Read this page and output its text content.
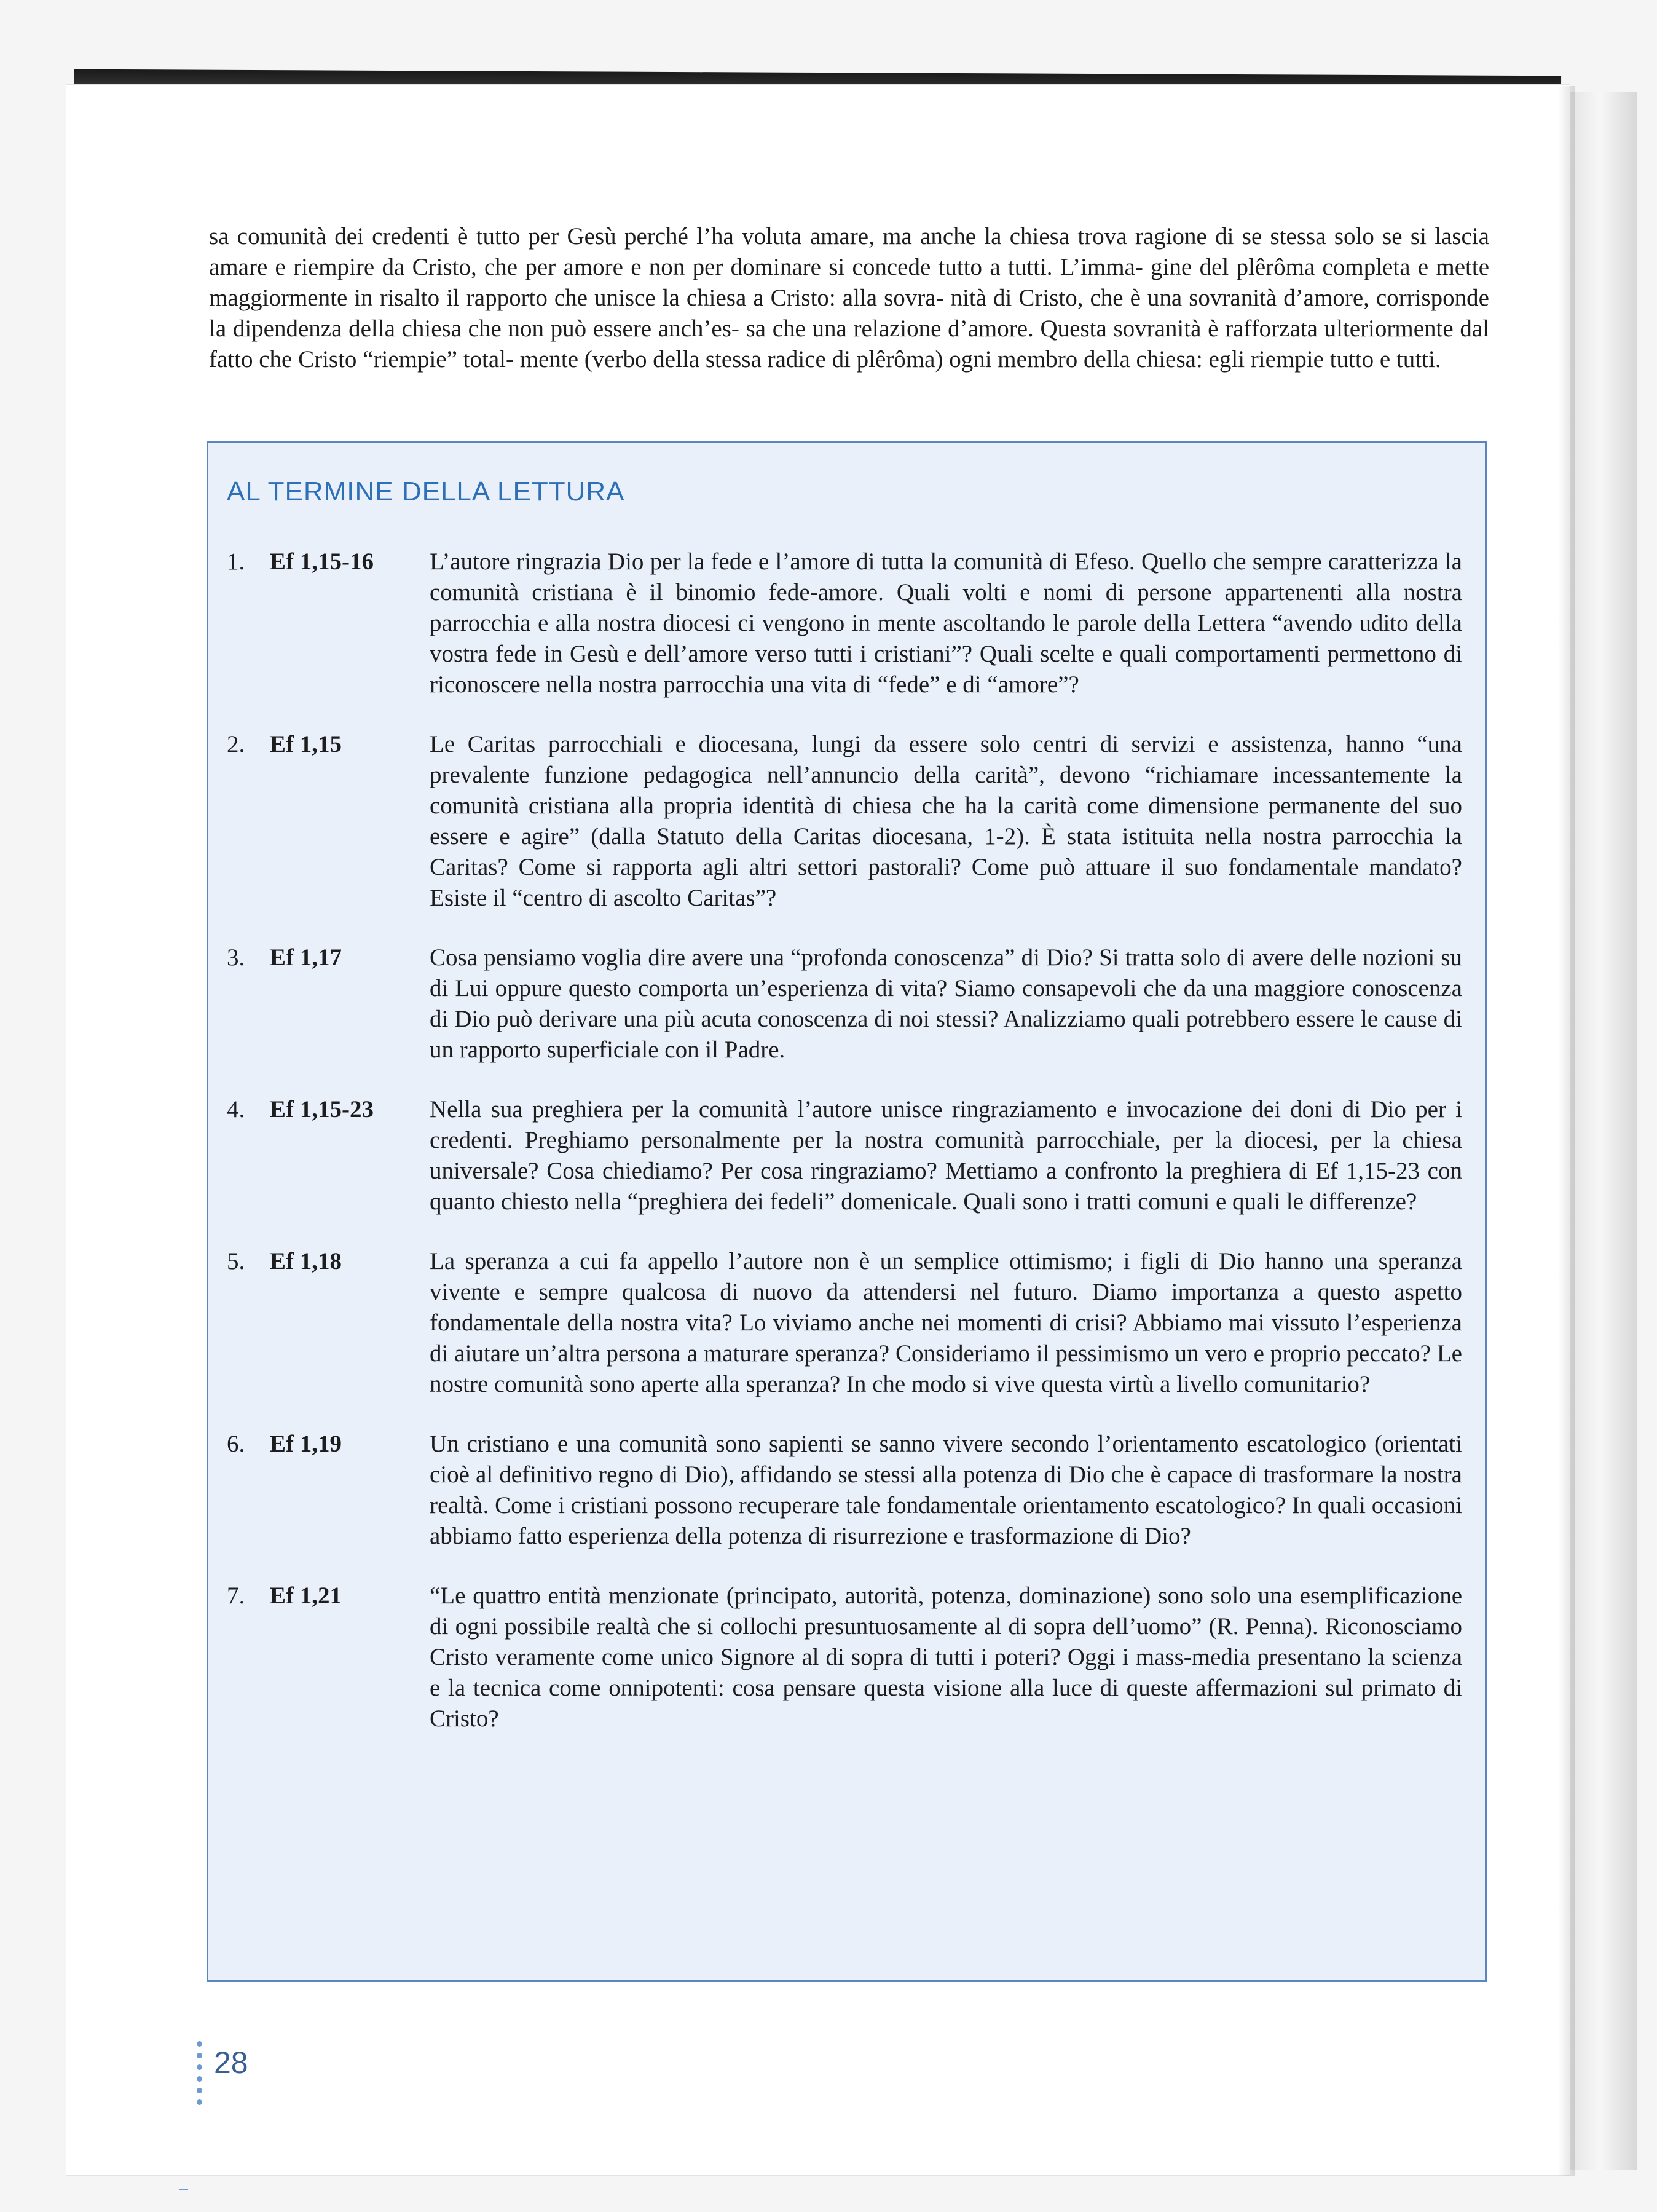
sa comunità dei credenti è tutto per Gesù perché l’ha voluta amare, ma anche la chiesa trova ragione di se stessa solo se si lascia amare e riempire da Cristo, che per amore e non per dominare si concede tutto a tutti. L’imma- gine del plêrôma completa e mette maggiormente in risalto il rapporto che unisce la chiesa a Cristo: alla sovra- nità di Cristo, che è una sovranità d’amore, corrisponde la dipendenza della chiesa che non può essere anch’es- sa che una relazione d’amore. Questa sovranità è rafforzata ulteriormente dal fatto che Cristo “riempie” total- mente (verbo della stessa radice di plêrôma) ogni membro della chiesa: egli riempie tutto e tutti.

AL TERMINE DELLA LETTURA
1.	Ef 1,15-16	L’autore ringrazia Dio per la fede e l’amore di tutta la comunità di Efeso. Quello che sempre caratterizza la comunità cristiana è il binomio fede-amore. Quali volti e nomi di persone appartenenti alla nostra parrocchia e alla nostra diocesi ci vengono in mente ascoltando le parole della Lettera “avendo udito della vostra fede in Gesù e dell’amore verso tutti i cristiani”? Quali scelte e quali comportamenti permettono di riconoscere nella nostra parrocchia una vita di “fede” e di “amore”?
2.	Ef 1,15	Le Caritas parrocchiali e diocesana, lungi da essere solo centri di servizi e assistenza, hanno “una prevalente funzione pedagogica nell’annuncio della carità”, devono “richiamare incessantemente la comunità cristiana alla propria identità di chiesa che ha la carità come dimensione permanente del suo essere e agire” (dalla Statuto della Caritas diocesana, 1-2). È stata istituita nella nostra parrocchia la Caritas? Come si rapporta agli altri settori pastorali? Come può attuare il suo fondamentale mandato? Esiste il “centro di ascolto Caritas”?
3.	Ef 1,17	Cosa pensiamo voglia dire avere una “profonda conoscenza” di Dio? Si tratta solo di avere delle nozioni su di Lui oppure questo comporta un’esperienza di vita? Siamo consapevoli che da una maggiore conoscenza di Dio può derivare una più acuta conoscenza di noi stessi? Analizziamo quali potrebbero essere le cause di un rapporto superficiale con il Padre.
4.	Ef 1,15-23	Nella sua preghiera per la comunità l’autore unisce ringraziamento e invocazione dei doni di Dio per i credenti. Preghiamo personalmente per la nostra comunità parrocchiale, per la diocesi, per la chiesa universale? Cosa chiediamo? Per cosa ringraziamo? Mettiamo a confronto la preghiera di Ef 1,15-23 con quanto chiesto nella “preghiera dei fedeli” domenicale. Quali sono i tratti comuni e quali le differenze?
5.	Ef 1,18	La speranza a cui fa appello l’autore non è un semplice ottimismo; i figli di Dio hanno una speranza vivente e sempre qualcosa di nuovo da attendersi nel futuro. Diamo importanza a questo aspetto fondamentale della nostra vita? Lo viviamo anche nei momenti di crisi? Abbiamo mai vissuto l’esperienza di aiutare un’altra persona a maturare speranza? Consideriamo il pessimismo un vero e proprio peccato? Le nostre comunità sono aperte alla speranza? In che modo si vive questa virtù a livello comunitario?
6.	Ef 1,19	Un cristiano e una comunità sono sapienti se sanno vivere secondo l’orientamento escatologico (orientati cioè al definitivo regno di Dio), affidando se stessi alla potenza di Dio che è capace di trasformare la nostra realtà. Come i cristiani possono recuperare tale fondamentale orientamento escatologico? In quali occasioni abbiamo fatto esperienza della potenza di risurrezione e trasformazione di Dio?
7.	Ef 1,21	“Le quattro entità menzionate (principato, autorità, potenza, dominazione) sono solo una esemplificazione di ogni possibile realtà che si collochi presuntuosamente al di sopra dell’uomo” (R. Penna). Riconosciamo Cristo veramente come unico Signore al di sopra di tutti i poteri? Oggi i mass-media presentano la scienza e la tecnica come onnipotenti: cosa pensare questa visione alla luce di queste affermazioni sul primato di Cristo?

28
